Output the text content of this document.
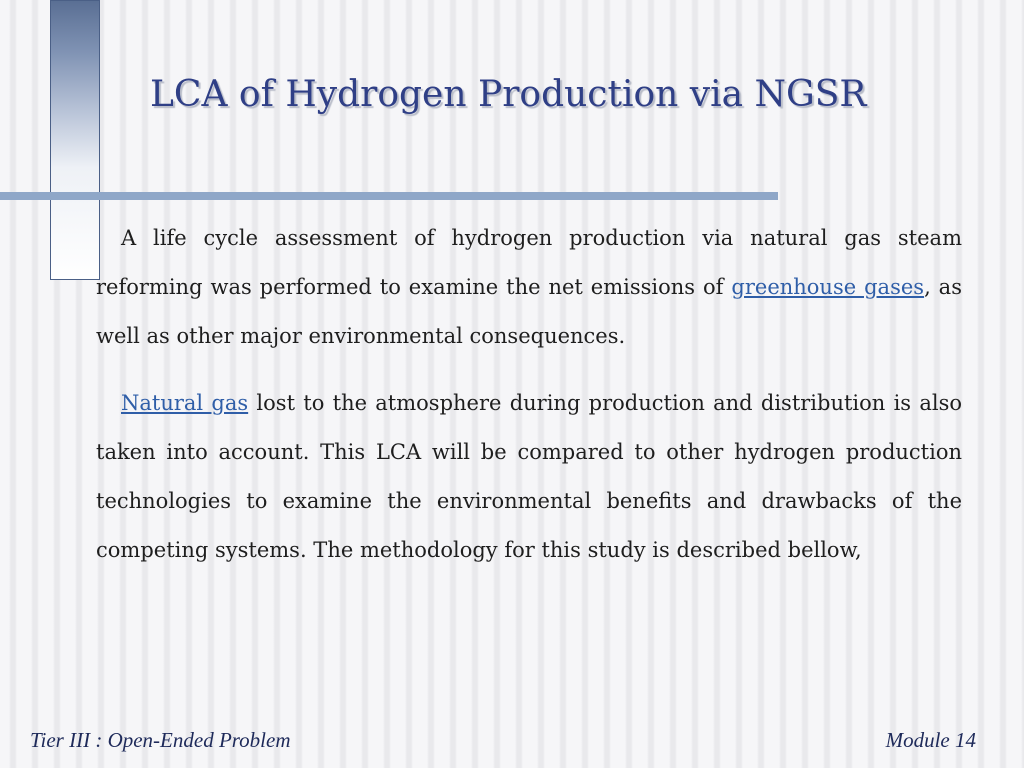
LCA of Hydrogen Production via NGSR

A life cycle assessment of hydrogen production via natural gas steam reforming was performed to examine the net emissions of greenhouse gases, as well as other major environmental consequences.

Natural gas lost to the atmosphere during production and distribution is also taken into account. This LCA will be compared to other hydrogen production technologies to examine the environmental benefits and drawbacks of the competing systems. The methodology for this study is described bellow,

Tier III : Open-Ended Problem	Module 14
